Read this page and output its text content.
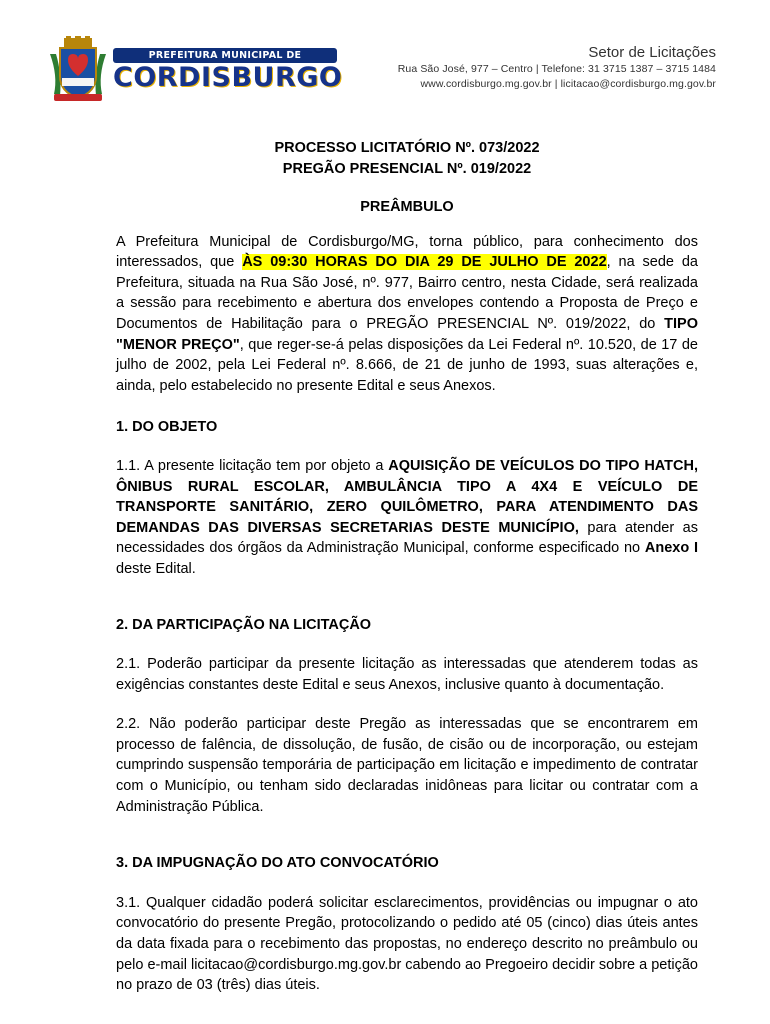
PREFEITURA MUNICIPAL DE
CORDISBURGO
Setor de Licitações
Rua São José, 977 – Centro | Telefone: 31 3715 1387 – 3715 1484
www.cordisburgo.mg.gov.br | licitacao@cordisburgo.mg.gov.br

PROCESSO LICITATÓRIO Nº. 073/2022

PREGÃO PRESENCIAL Nº. 019/2022

PREÂMBULO

A Prefeitura Municipal de Cordisburgo/MG, torna público, para conhecimento dos interessados, que ÀS 09:30 HORAS DO DIA 29 DE JULHO DE 2022, na sede da Prefeitura, situada na Rua São José, nº. 977, Bairro centro, nesta Cidade, será realizada a sessão para recebimento e abertura dos envelopes contendo a Proposta de Preço e Documentos de Habilitação para o PREGÃO PRESENCIAL Nº. 019/2022, do TIPO "MENOR PREÇO", que reger-se-á pelas disposições da Lei Federal nº. 10.520, de 17 de julho de 2002, pela Lei Federal nº. 8.666, de 21 de junho de 1993, suas alterações e, ainda, pelo estabelecido no presente Edital e seus Anexos.

1. DO OBJETO

1.1. A presente licitação tem por objeto a AQUISIÇÃO DE VEÍCULOS DO TIPO HATCH, ÔNIBUS RURAL ESCOLAR, AMBULÂNCIA TIPO A 4X4 E VEÍCULO DE TRANSPORTE SANITÁRIO, ZERO QUILÔMETRO, PARA ATENDIMENTO DAS DEMANDAS DAS DIVERSAS SECRETARIAS DESTE MUNICÍPIO, para atender as necessidades dos órgãos da Administração Municipal, conforme especificado no Anexo I deste Edital.

2. DA PARTICIPAÇÃO NA LICITAÇÃO

2.1. Poderão participar da presente licitação as interessadas que atenderem todas as exigências constantes deste Edital e seus Anexos, inclusive quanto à documentação.

2.2. Não poderão participar deste Pregão as interessadas que se encontrarem em processo de falência, de dissolução, de fusão, de cisão ou de incorporação, ou estejam cumprindo suspensão temporária de participação em licitação e impedimento de contratar com o Município, ou tenham sido declaradas inidôneas para licitar ou contratar com a Administração Pública.

3. DA IMPUGNAÇÃO DO ATO CONVOCATÓRIO

3.1. Qualquer cidadão poderá solicitar esclarecimentos, providências ou impugnar o ato convocatório do presente Pregão, protocolizando o pedido até 05 (cinco) dias úteis antes da data fixada para o recebimento das propostas, no endereço descrito no preâmbulo ou pelo e-mail licitacao@cordisburgo.mg.gov.br cabendo ao Pregoeiro decidir sobre a petição no prazo de 03 (três) dias úteis.
